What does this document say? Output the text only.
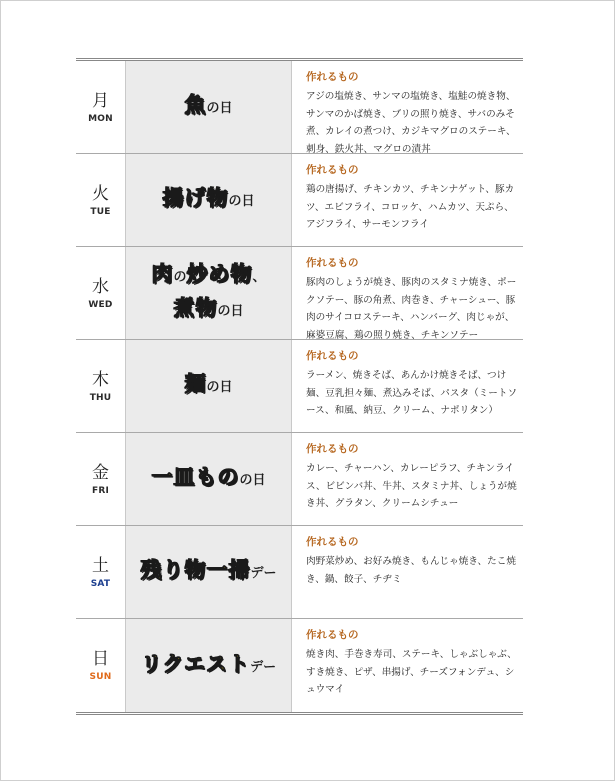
月
MON
魚の日
作れるもの
アジの塩焼き、サンマの塩焼き、塩鮭の焼き物、サンマのかば焼き、ブリの照り焼き、サバのみそ煮、カレイの煮つけ、カジキマグロのステーキ、刺身、鉄火丼、マグロの漬丼
火
TUE
揚げ物の日
作れるもの
鶏の唐揚げ、チキンカツ、チキンナゲット、豚カツ、エビフライ、コロッケ、ハムカツ、天ぷら、アジフライ、サーモンフライ
水
WED
肉の炒め物、
煮物の日
作れるもの
豚肉のしょうが焼き、豚肉のスタミナ焼き、ポークソテー、豚の角煮、肉巻き、チャーシュー、豚肉のサイコロステーキ、ハンバーグ、肉じゃが、麻婆豆腐、鶏の照り焼き、チキンソテー
木
THU
麺の日
作れるもの
ラーメン、焼きそば、あんかけ焼きそば、つけ麺、豆乳担々麺、煮込みそば、パスタ（ミートソース、和風、納豆、クリーム、ナポリタン）
金
FRI
一皿ものの日
作れるもの
カレー、チャーハン、カレーピラフ、チキンライス、ビビンバ丼、牛丼、スタミナ丼、しょうが焼き丼、グラタン、クリームシチュー
土
SAT
残り物一掃デー
作れるもの
肉野菜炒め、お好み焼き、もんじゃ焼き、たこ焼き、鍋、餃子、チヂミ
日
SUN
リクエストデー
作れるもの
焼き肉、手巻き寿司、ステーキ、しゃぶしゃぶ、すき焼き、ピザ、串揚げ、チーズフォンデュ、シュウマイ
